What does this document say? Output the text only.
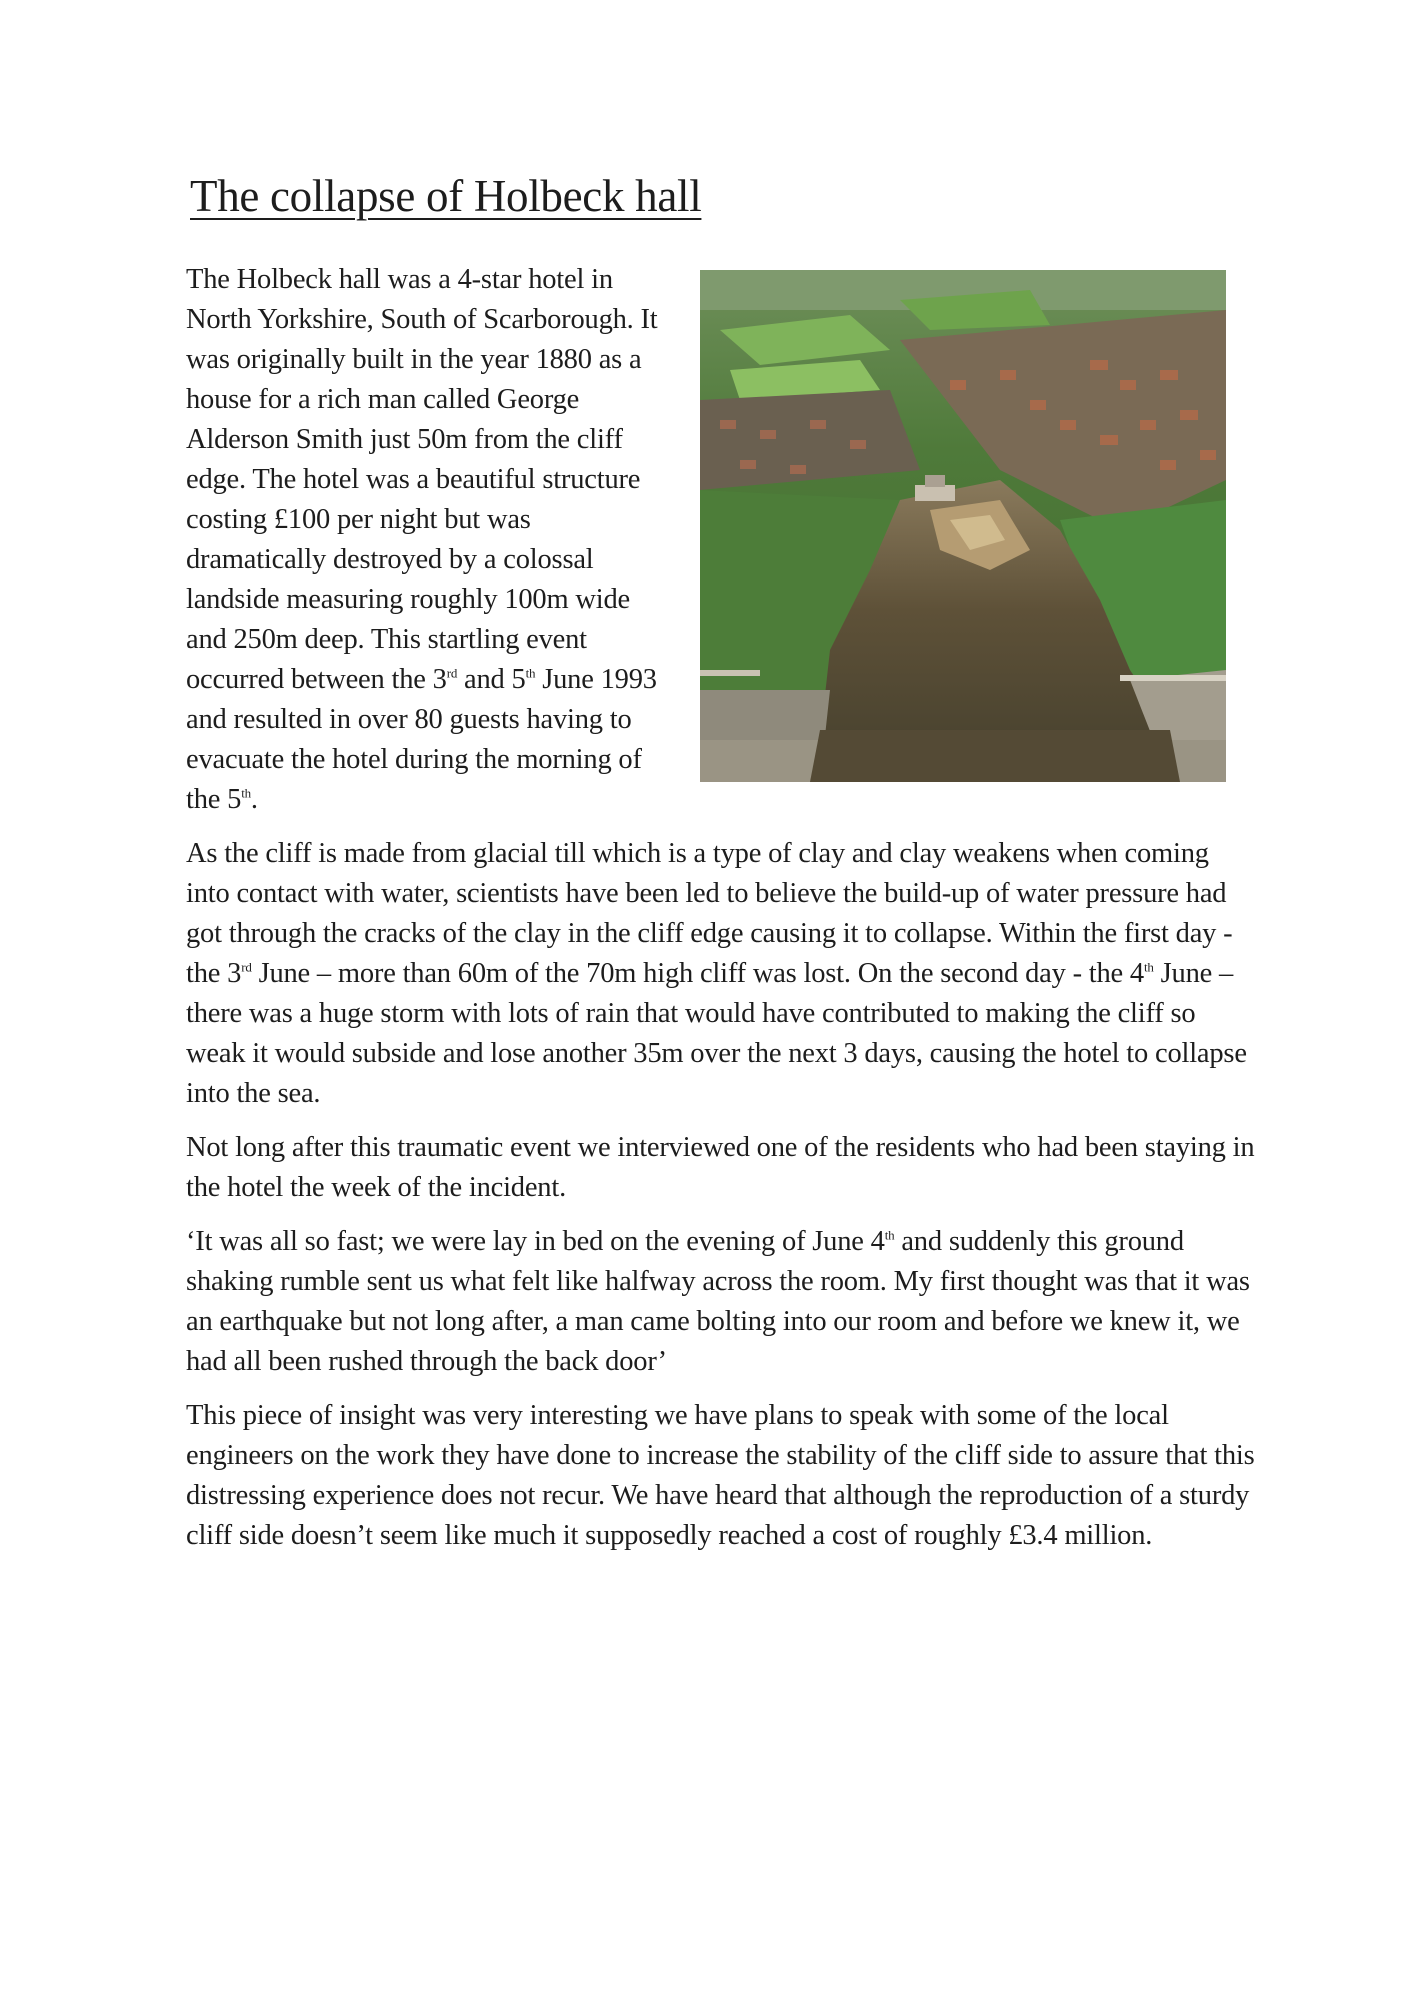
The collapse of Holbeck hall

The Holbeck hall was a 4-star hotel in North Yorkshire, South of Scarborough. It was originally built in the year 1880 as a house for a rich man called George Alderson Smith just 50m from the cliff edge. The hotel was a beautiful structure costing £100 per night but was dramatically destroyed by a colossal landside measuring roughly 100m wide and 250m deep. This startling event occurred between the 3rd and 5th June 1993 and resulted in over 80 guests having to evacuate the hotel during the morning of the 5th.

As the cliff is made from glacial till which is a type of clay and clay weakens when coming into contact with water, scientists have been led to believe the build-up of water pressure had got through the cracks of the clay in the cliff edge causing it to collapse. Within the first day - the 3rd June – more than 60m of the 70m high cliff was lost. On the second day - the 4th June – there was a huge storm with lots of rain that would have contributed to making the cliff so weak it would subside and lose another 35m over the next 3 days, causing the hotel to collapse into the sea.

Not long after this traumatic event we interviewed one of the residents who had been staying in the hotel the week of the incident.

‘It was all so fast; we were lay in bed on the evening of June 4th and suddenly this ground shaking rumble sent us what felt like halfway across the room. My first thought was that it was an earthquake but not long after, a man came bolting into our room and before we knew it, we had all been rushed through the back door’

This piece of insight was very interesting we have plans to speak with some of the local engineers on the work they have done to increase the stability of the cliff side to assure that this distressing experience does not recur. We have heard that although the reproduction of a sturdy cliff side doesn’t seem like much it supposedly reached a cost of roughly £3.4 million.
